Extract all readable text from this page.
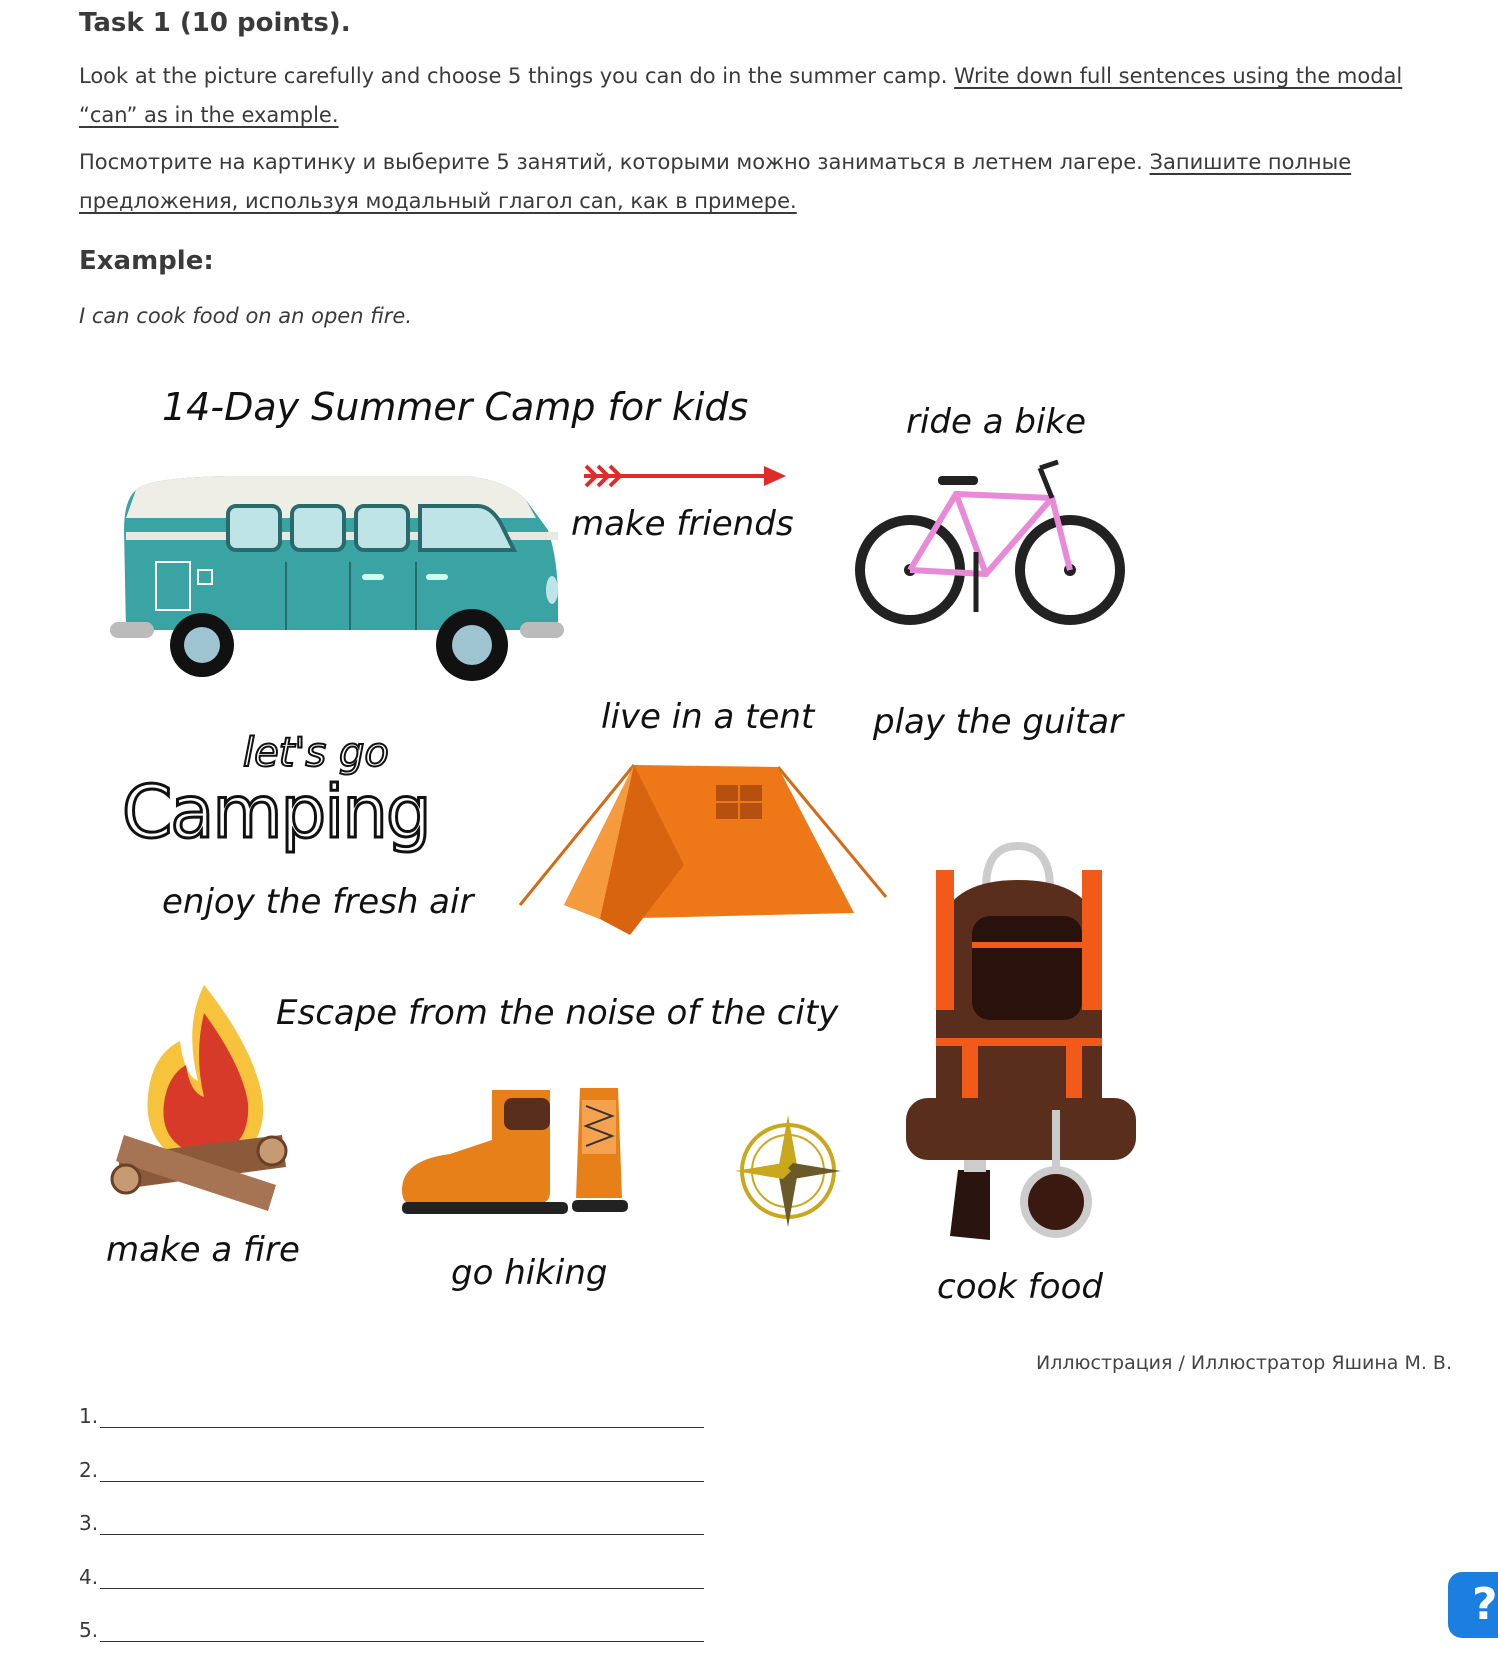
Task 1 (10 points).
Look at the picture carefully and choose 5 things you can do in the summer camp. Write down full sentences using the modal “can” as in the example.
Посмотрите на картинку и выберите 5 занятий, которыми можно заниматься в летнем лагере. Запишите полные предложения, используя модальный глагол can, как в примере.
Example:
I can cook food on an open fire.
14-Day Summer Camp for kids	ride a bike
make friends
live in a tent play the guitar
enjoy the fresh air
Escape from the noise of the city
make a fire
go hiking	cook food
let's go
Camping
Иллюстрация / Иллюстратор Яшина М. В.
1.
2.
3.
4.
5.	?
